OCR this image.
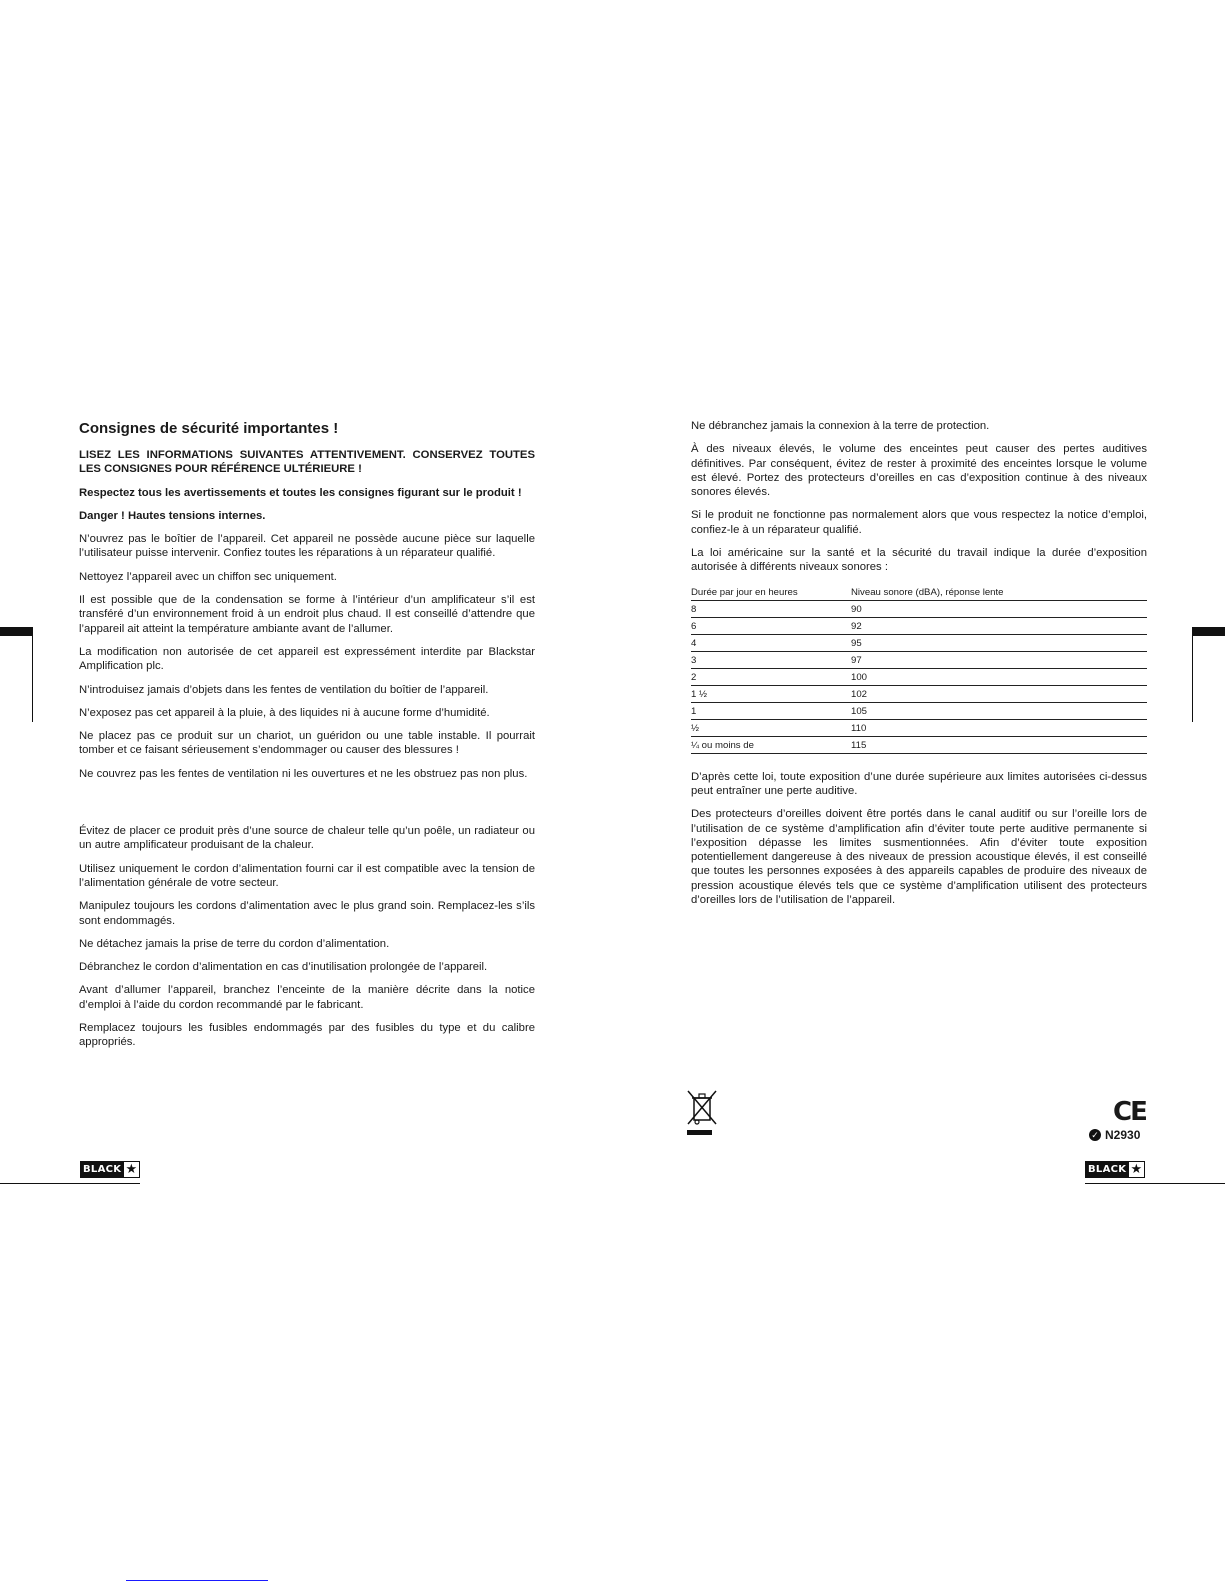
Consignes de sécurité importantes !

LISEZ LES INFORMATIONS SUIVANTES ATTENTIVEMENT. CONSERVEZ TOUTES LES CONSIGNES POUR RÉFÉRENCE ULTÉRIEURE !

Respectez tous les avertissements et toutes les consignes figurant sur le produit !

Danger ! Hautes tensions internes.

N’ouvrez pas le boîtier de l’appareil. Cet appareil ne possède aucune pièce sur laquelle l’utilisateur puisse intervenir. Confiez toutes les réparations à un réparateur qualifié.

Nettoyez l’appareil avec un chiffon sec uniquement.

Il est possible que de la condensation se forme à l’intérieur d’un amplificateur s’il est transféré d’un environnement froid à un endroit plus chaud. Il est conseillé d’attendre que l’appareil ait atteint la température ambiante avant de l’allumer.

La modification non autorisée de cet appareil est expressément interdite par Blackstar Amplification plc.

N’introduisez jamais d’objets dans les fentes de ventilation du boîtier de l’appareil.

N’exposez pas cet appareil à la pluie, à des liquides ni à aucune forme d’humidité.

Ne placez pas ce produit sur un chariot, un guéridon ou une table instable. Il pourrait tomber et ce faisant sérieusement s’endommager ou causer des blessures !

Ne couvrez pas les fentes de ventilation ni les ouvertures et ne les obstruez pas non plus.

Évitez de placer ce produit près d’une source de chaleur telle qu’un poêle, un radiateur ou un autre amplificateur produisant de la chaleur.

Utilisez uniquement le cordon d’alimentation fourni car il est compatible avec la tension de l’alimentation générale de votre secteur.

Manipulez toujours les cordons d’alimentation avec le plus grand soin. Remplacez-les s’ils sont endommagés.

Ne détachez jamais la prise de terre du cordon d’alimentation.

Débranchez le cordon d’alimentation en cas d’inutilisation prolongée de l’appareil.

Avant d’allumer l’appareil, branchez l’enceinte de la manière décrite dans la notice d’emploi à l’aide du cordon recommandé par le fabricant.

Remplacez toujours les fusibles endommagés par des fusibles du type et du calibre appropriés.

Ne débranchez jamais la connexion à la terre de protection.

À des niveaux élevés, le volume des enceintes peut causer des pertes auditives définitives. Par conséquent, évitez de rester à proximité des enceintes lorsque le volume est élevé. Portez des protecteurs d’oreilles en cas d’exposition continue à des niveaux sonores élevés.

Si le produit ne fonctionne pas normalement alors que vous respectez la notice d’emploi, confiez-le à un réparateur qualifié.

La loi américaine sur la santé et la sécurité du travail indique la durée d’exposition autorisée à différents niveaux sonores :

Durée par jour en heures	Niveau sonore (dBA), réponse lente
8	90
6	92
4	95
3	97
2	100
1 ½	102
1	105
½	110
¼ ou moins de	115

D’après cette loi, toute exposition d’une durée supérieure aux limites autorisées ci-dessus peut entraîner une perte auditive.

Des protecteurs d’oreilles doivent être portés dans le canal auditif ou sur l’oreille lors de l’utilisation de ce système d’amplification afin d’éviter toute perte auditive permanente si l’exposition dépasse les limites susmentionnées. Afin d’éviter toute exposition potentiellement dangereuse à des niveaux de pression acoustique élevés, il est conseillé que toutes les personnes exposées à des appareils capables de produire des niveaux de pression acoustique élevés tels que ce système d’amplification utilisent des protecteurs d’oreilles lors de l’utilisation de l’appareil.

CE
✓ N2930
BLACK ★	BLACK ★
